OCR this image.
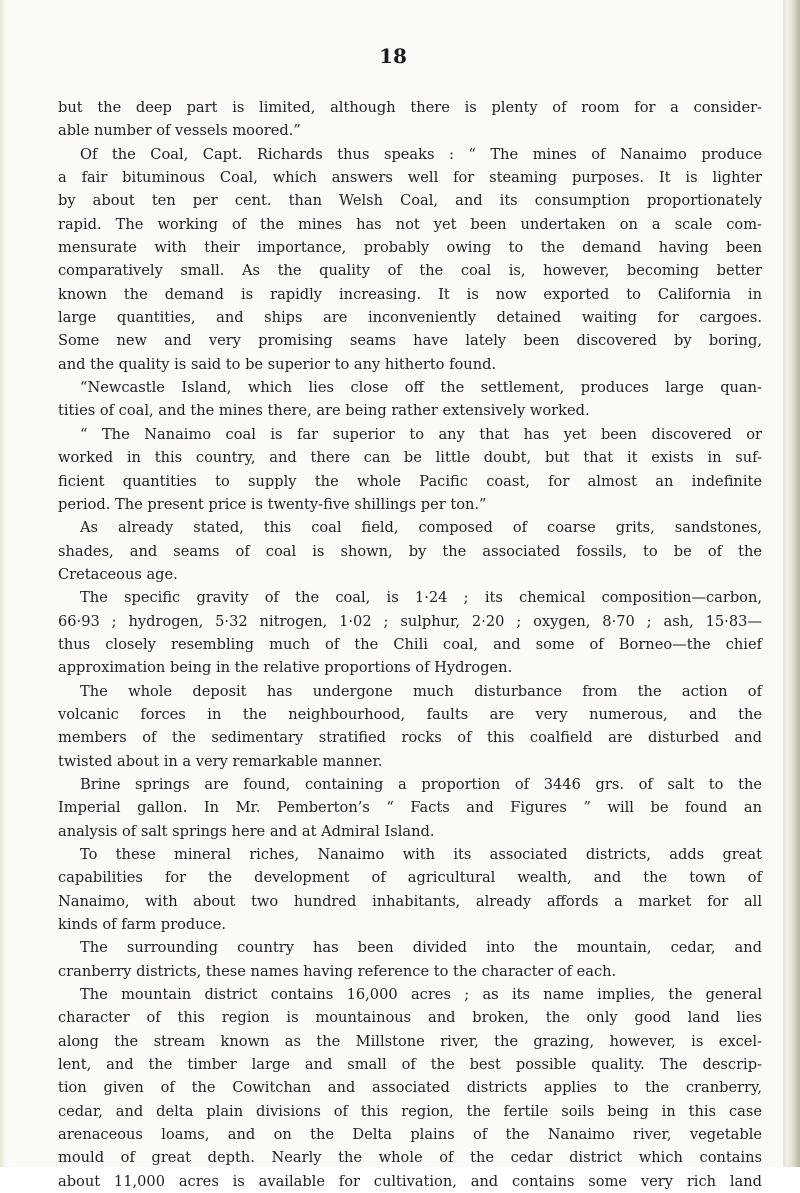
18
but the deep part is limited, although there is plenty of room for a consider-
able number of vessels moored.”
Of the Coal, Capt. Richards thus speaks : “ The mines of Nanaimo produce
a fair bituminous Coal, which answers well for steaming purposes. It is lighter
by about ten per cent. than Welsh Coal, and its consumption proportionately
rapid. The working of the mines has not yet been undertaken on a scale com-
mensurate with their importance, probably owing to the demand having been
comparatively small. As the quality of the coal is, however, becoming better
known the demand is rapidly increasing. It is now exported to California in
large quantities, and ships are inconveniently detained waiting for cargoes.
Some new and very promising seams have lately been discovered by boring,
and the quality is said to be superior to any hitherto found.
“Newcastle Island, which lies close off the settlement, produces large quan-
tities of coal, and the mines there, are being rather extensively worked.
“ The Nanaimo coal is far superior to any that has yet been discovered or
worked in this country, and there can be little doubt, but that it exists in suf-
ficient quantities to supply the whole Pacific coast, for almost an indefinite
period. The present price is twenty-five shillings per ton.”
As already stated, this coal field, composed of coarse grits, sandstones,
shades, and seams of coal is shown, by the associated fossils, to be of the
Cretaceous age.
The specific gravity of the coal, is 1·24 ; its chemical composition—carbon,
66·93 ; hydrogen, 5·32 nitrogen, 1·02 ; sulphur, 2·20 ; oxygen, 8·70 ; ash, 15·83—
thus closely resembling much of the Chili coal, and some of Borneo—the chief
approximation being in the relative proportions of Hydrogen.
The whole deposit has undergone much disturbance from the action of
volcanic forces in the neighbourhood, faults are very numerous, and the
members of the sedimentary stratified rocks of this coalfield are disturbed and
twisted about in a very remarkable manner.
Brine springs are found, containing a proportion of 3446 grs. of salt to the
Imperial gallon. In Mr. Pemberton’s “ Facts and Figures ” will be found an
analysis of salt springs here and at Admiral Island.
To these mineral riches, Nanaimo with its associated districts, adds great
capabilities for the development of agricultural wealth, and the town of
Nanaimo, with about two hundred inhabitants, already affords a market for all
kinds of farm produce.
The surrounding country has been divided into the mountain, cedar, and
cranberry districts, these names having reference to the character of each.
The mountain district contains 16,000 acres ; as its name implies, the general
character of this region is mountainous and broken, the only good land lies
along the stream known as the Millstone river, the grazing, however, is excel-
lent, and the timber large and small of the best possible quality. The descrip-
tion given of the Cowitchan and associated districts applies to the cranberry,
cedar, and delta plain divisions of this region, the fertile soils being in this case
arenaceous loams, and on the Delta plains of the Nanaimo river, vegetable
mould of great depth. Nearly the whole of the cedar district which contains
about 11,000 acres is available for cultivation, and contains some very rich land
